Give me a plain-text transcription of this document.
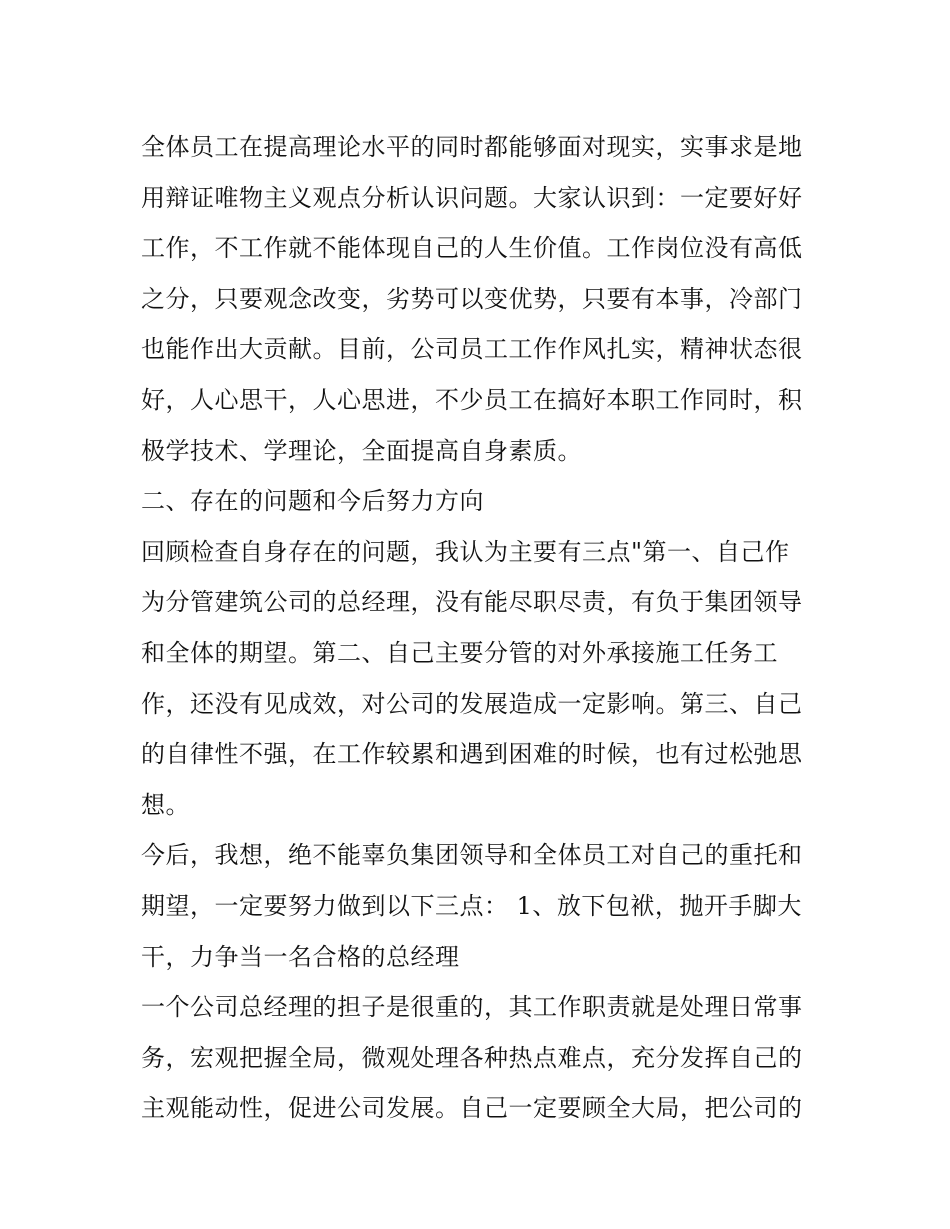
全体员工在提高理论水平的同时都能够面对现实，实事求是地用辩证唯物主义观点分析认识问题。大家认识到：一定要好好工作，不工作就不能体现自己的人生价值。工作岗位没有高低之分，只要观念改变，劣势可以变优势，只要有本事，冷部门也能作出大贡献。目前，公司员工工作作风扎实，精神状态很好，人心思干，人心思进，不少员工在搞好本职工作同时，积极学技术、学理论，全面提高自身素质。

二、存在的问题和今后努力方向

回顾检查自身存在的问题，我认为主要有三点"第一、自己作为分管建筑公司的总经理，没有能尽职尽责，有负于集团领导和全体的期望。第二、自己主要分管的对外承接施工任务工作，还没有见成效，对公司的发展造成一定影响。第三、自己的自律性不强，在工作较累和遇到困难的时候，也有过松弛思想。

今后，我想，绝不能辜负集团领导和全体员工对自己的重托和期望，一定要努力做到以下三点： 1、放下包袱，抛开手脚大干，力争当一名合格的总经理

一个公司总经理的担子是很重的，其工作职责就是处理日常事务，宏观把握全局，微观处理各种热点难点，充分发挥自己的主观能动性，促进公司发展。自己一定要顾全大局，把公司的
